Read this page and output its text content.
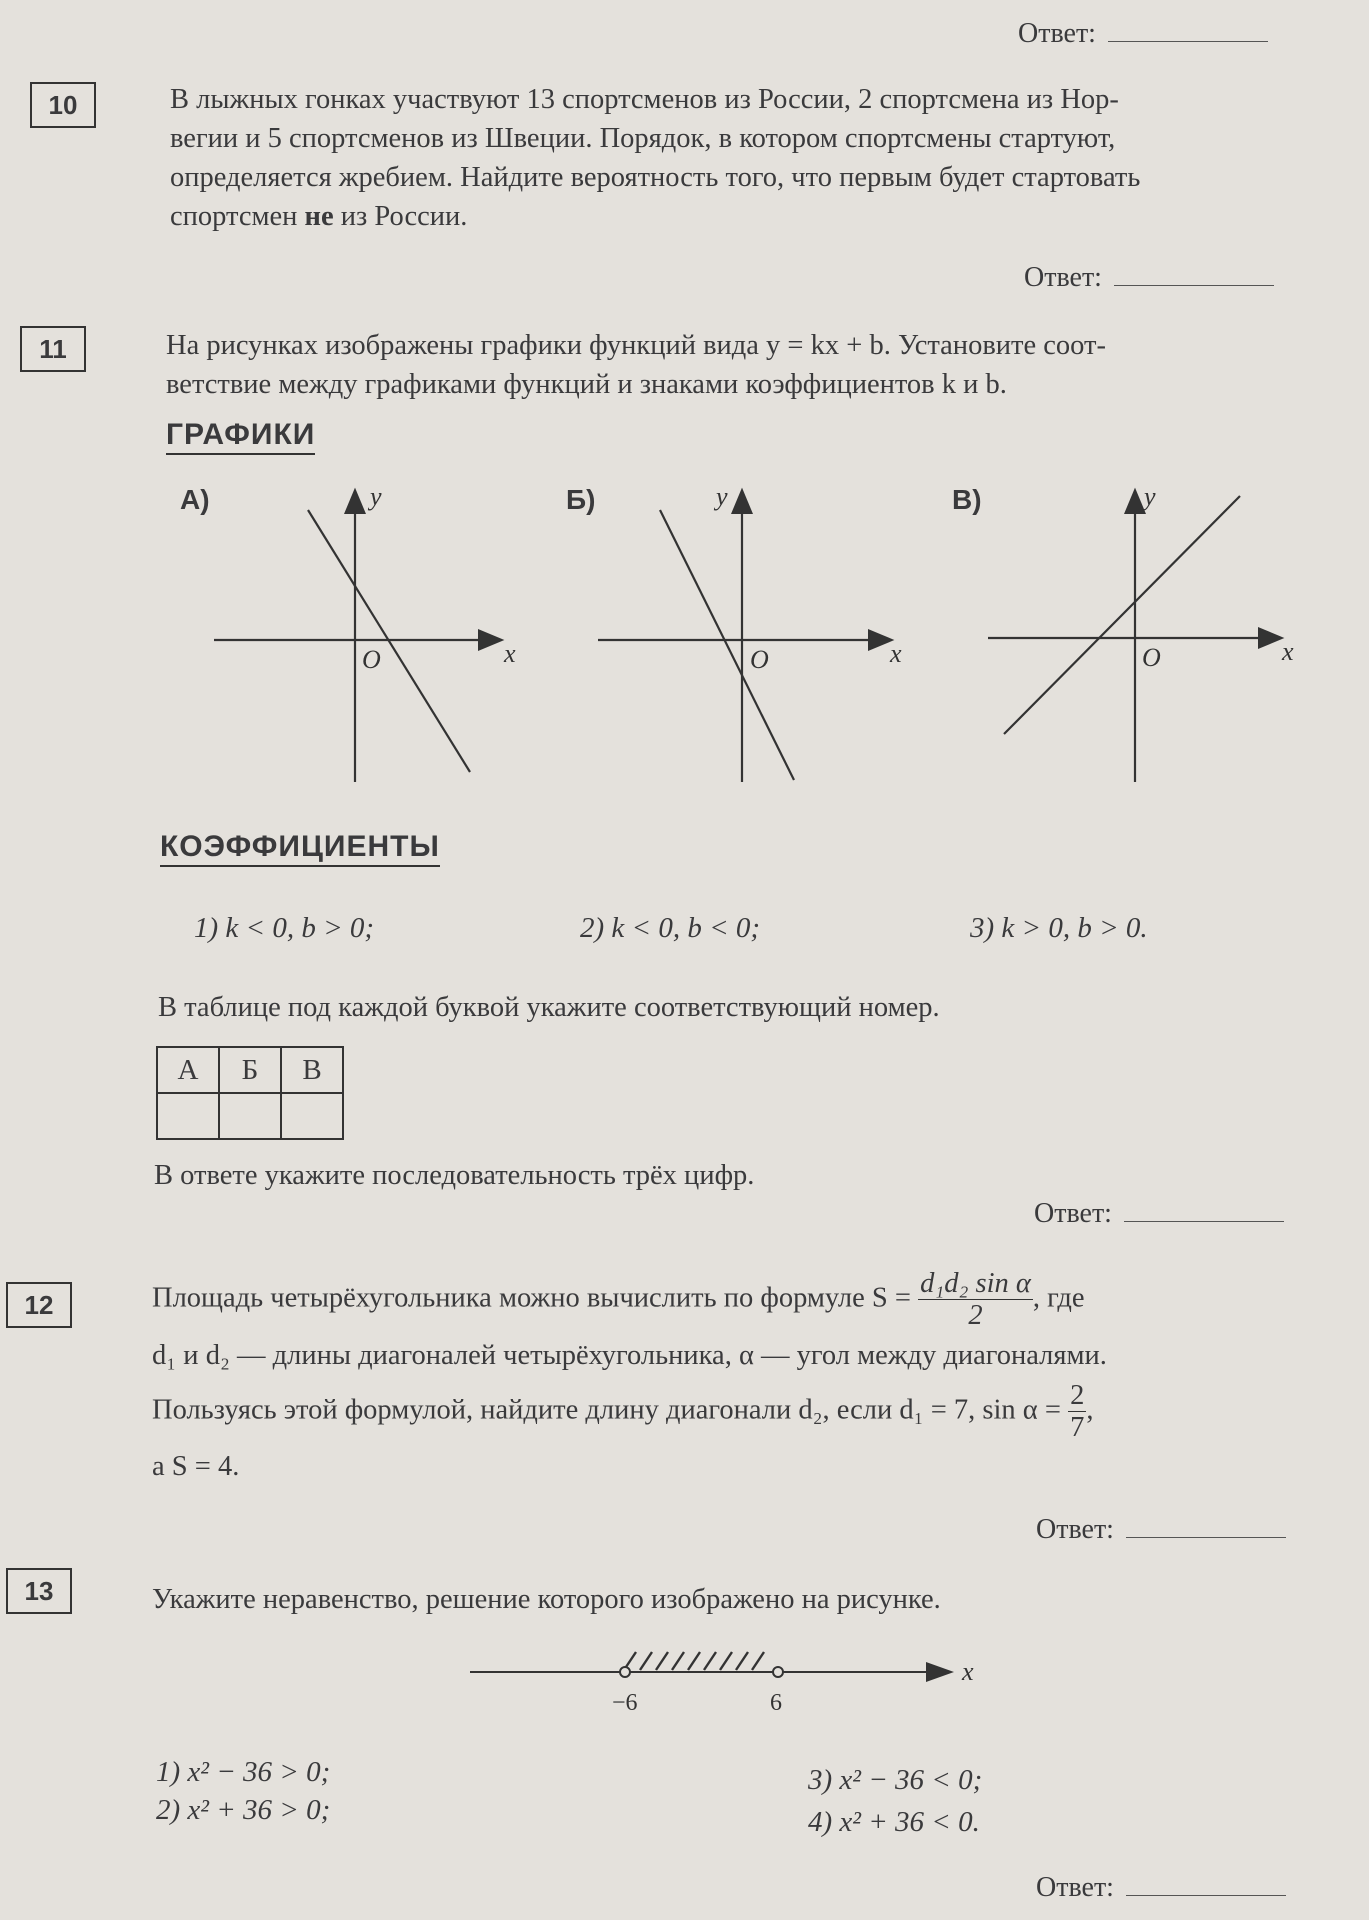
Ответ:
10	В лыжных гонках участвуют 13 спортсменов из России, 2 спортсмена из Нор-
вегии и 5 спортсменов из Швеции. Порядок, в котором спортсмены стартуют,
определяется жребием. Найдите вероятность того, что первым будет стартовать
спортсмен не из России.
Ответ:
11	На рисунках изображены графики функций вида y = kx + b. Установите соот-
ветствие между графиками функций и знаками коэффициентов k и b.
ГРАФИКИ
А)	Б)	В)
y
x
O
y
x
O
y
x
O
КОЭФФИЦИЕНТЫ
1) k < 0, b > 0;	2) k < 0, b < 0;	3) k > 0, b > 0.
В таблице под каждой буквой укажите соответствующий номер.
А	Б	В

В ответе укажите последовательность трёх цифр.
Ответ:
12	Площадь четырёхугольника можно вычислить по формуле $S = \frac{\text{d₁d₂ sin α}}{2}$ , где
d₁ и d₂ — длины диагоналей четырёхугольника, α — угол между диагоналями.
Пользуясь этой формулой, найдите длину диагонали d₂, если d₁ = 7, $\sin \alpha = \frac{2}{7}$ ,
а S = 4.
Ответ:
13	Укажите неравенство, решение которого изображено на рисунке.
x
−6	6
1) x² − 36 > 0;
2) x² + 36 > 0;
3) x² − 36 < 0;
4) x² + 36 < 0.
Ответ:
